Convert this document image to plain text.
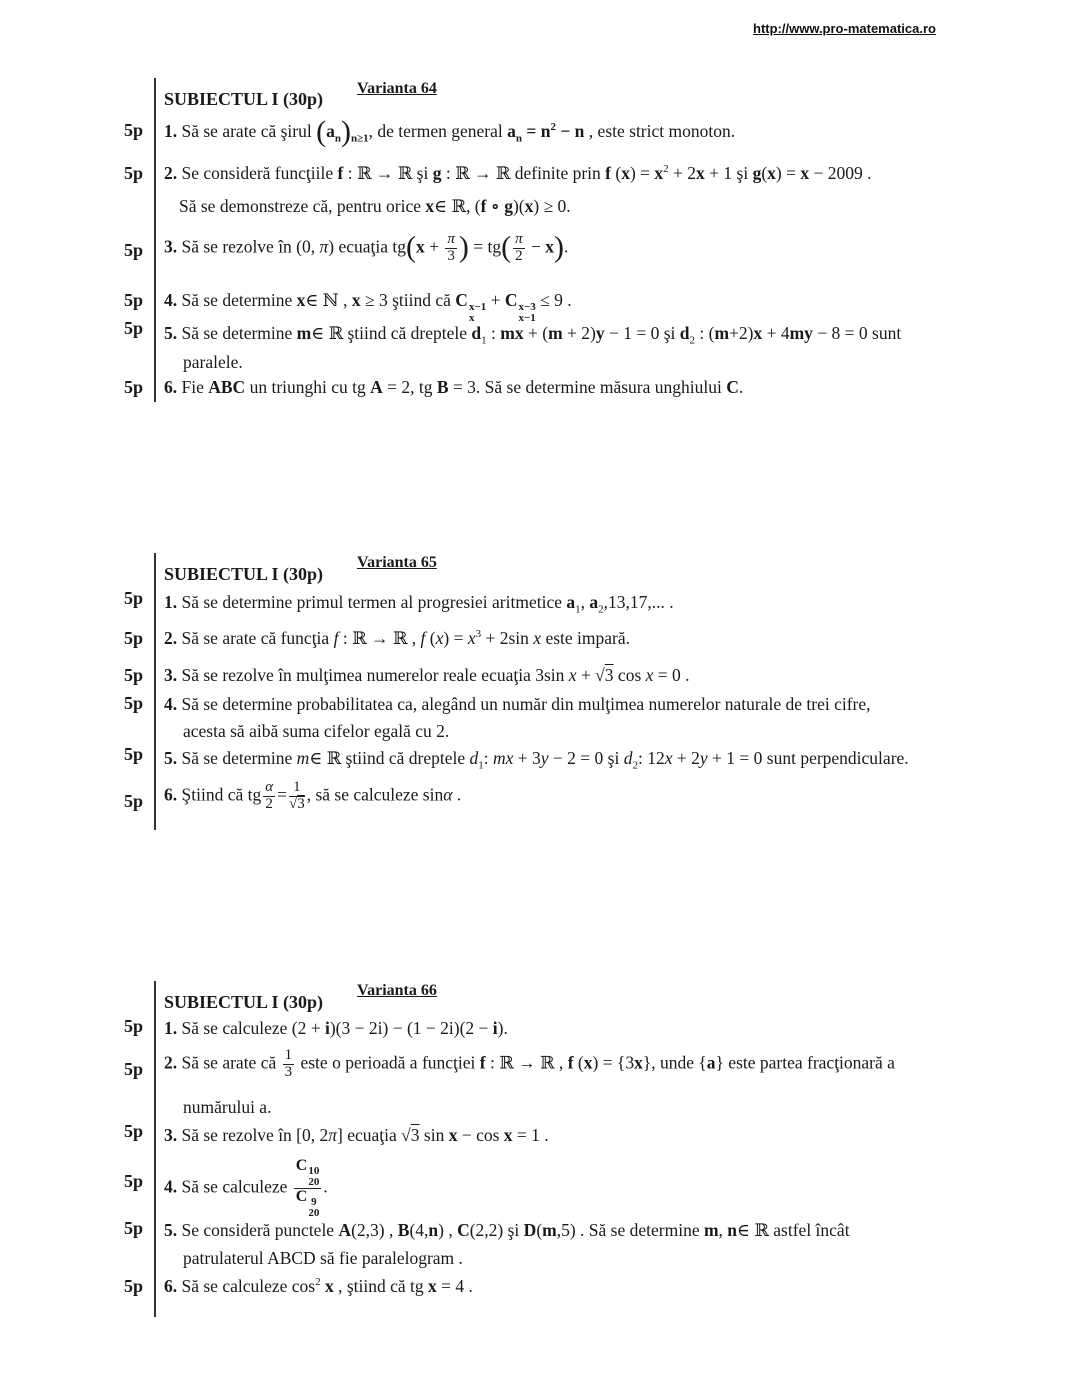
http://www.pro-matematica.ro
SUBIECTUL I (30p)
Varianta 64
5p 1. Să se arate că şirul $(a_n)_{n\ge 1}$, de termen general $a_n = n^2 - n$ , este strict monoton.
5p 2. Se consideră funcţiile f : ℝ → ℝ şi g : ℝ → ℝ definite prin f $(x) = x^2 + 2x + 1$ şi g(x) = x − 2009 .
Să se demonstreze că, pentru orice x∈ ℝ, (f ∘ g)(x) ≥ 0.
5p 3. Să se rezolve în (0, π) ecuaţia $tg(x + \frac{\pi}{3}$ ) = $tg( \frac{\pi}{2} - x)$.
5p 4. Să se determine x∈ ℕ , x ≥ 3 ştiind că C x−1
x
+ C x−3
x−1
≤ 9 .
5p 5. Să se determine m∈ ℝ ştiind că dreptele $d_1$ : mx + (m + 2)y − 1 = 0 şi $d_2$ : (m+2)x + 4my − 8 = 0 sunt
paralele.
5p 6. Fie ABC un triunghi cu tg A = 2, tg B = 3. Să se determine măsura unghiului C.
SUBIECTUL I (30p)
Varianta 65
5p 1. Să se determine primul termen al progresiei aritmetice $a_1$, $a_2,13,17$,... .
5p 2. Să se arate că funcţia f : ℝ → ℝ , f $(x) = x^3 + 2\sin$ x este impară.
5p 3. Să se rezolve în mulţimea numerelor reale ecuaţia 3sin x + √3 cos x = 0 .
5p 4. Să se determine probabilitatea ca, alegând un număr din mulţimea numerelor naturale de trei cifre,
acesta să aibă suma cifelor egală cu 2.
5p 5. Să se determine m∈ ℝ ştiind că dreptele $d_1$: mx + 3y − 2 = 0 şi $d_2$: 12x + 2y + 1 = 0 sunt perpendiculare.
5p 6. Ştiind că tg $\frac{\alpha}{2} = \frac{1}{√3}$ , să se calculeze sinα .
SUBIECTUL I (30p)
Varianta 66
5p 1. Să se calculeze (2 + i)(3 − 2i) − (1 − 2i)(2 − i).
5p 2. Să se arate că $\frac{1}{3}$ este o perioadă a funcţiei f : ℝ → ℝ , f (x) = {3x}, unde {a} este partea fracţionară a
numărului a.
5p 3. Să se rezolve în [0, 2π] ecuaţia √3 sin x − cos x = 1 .
5p 4. Să se calculeze C 10
20
C 9
20 .
5p 5. Se consideră punctele A(2,3) , B(4,n) , C(2,2) şi D(m,5) . Să se determine m, n∈ ℝ astfel încât
patrulaterul ABCD să fie paralelogram .
5p 6. Să se calculeze $\cos^2 x$ , ştiind că tg x = 4 .
